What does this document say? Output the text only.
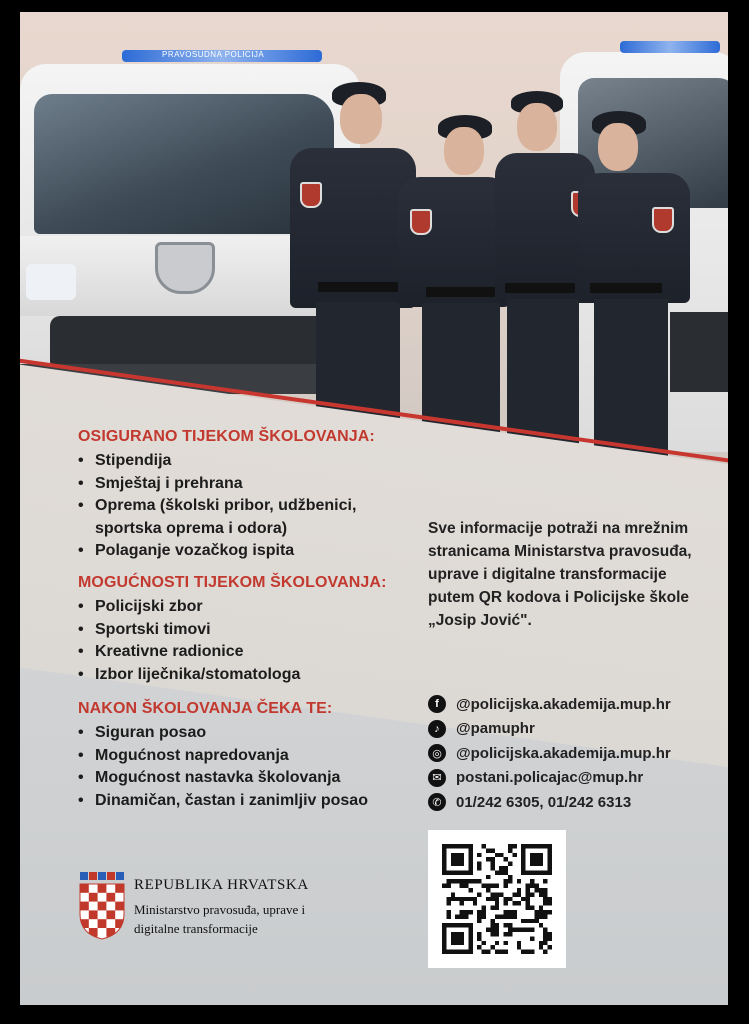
PRAVOSUDNA POLICIJA
OSIGURANO TIJEKOM ŠKOLOVANJA:
• Stipendija
• Smještaj i prehrana
• Oprema (školski pribor, udžbenici,
sportska oprema i odora)
• Polaganje vozačkog ispita
MOGUĆNOSTI TIJEKOM ŠKOLOVANJA:
• Policijski zbor
• Sportski timovi
• Kreativne radionice
• Izbor liječnika/stomatologa
NAKON ŠKOLOVANJA ČEKA TE:
• Siguran posao
• Mogućnost napredovanja
• Mogućnost nastavka školovanja
• Dinamičan, častan i zanimljiv posao
Sve informacije potraži na mrežnim stranicama Ministarstva pravosuđa, uprave i digitalne transformacije putem QR kodova i Policijske škole „Josip Jović".
f	@policijska.akademija.mup.hr
♪	@pamuphr
◎ @policijska.akademija.mup.hr
✉ postani.policajac@mup.hr
✆ 01/242 6305, 01/242 6313
REPUBLIKA HRVATSKA
Ministarstvo pravosuđa, uprave i digitalne transformacije
